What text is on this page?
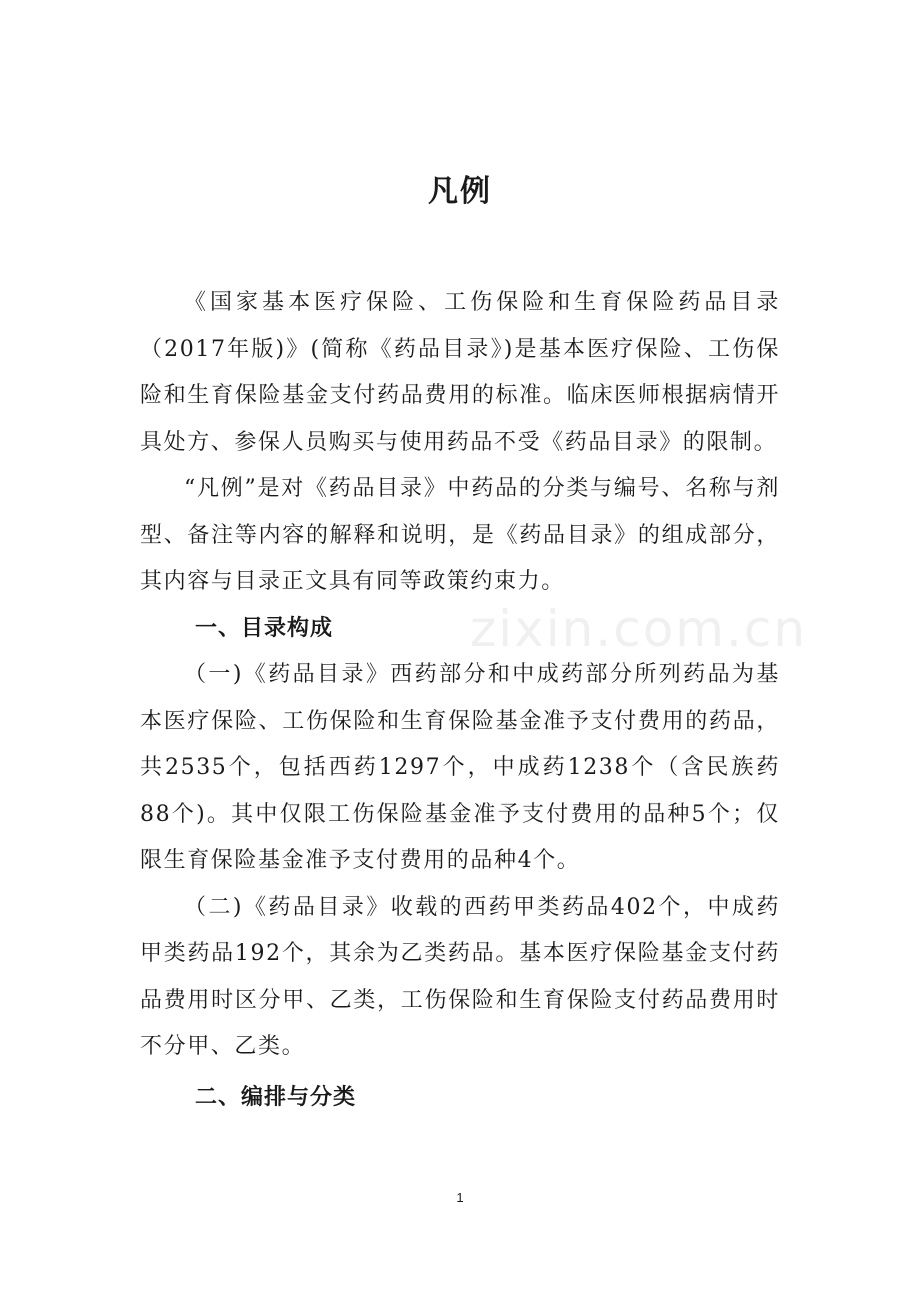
凡例

《国家基本医疗保险、工伤保险和生育保险药品目录（2017年版)》(简称《药品目录》)是基本医疗保险、工伤保险和生育保险基金支付药品费用的标准。临床医师根据病情开具处方、参保人员购买与使用药品不受《药品目录》的限制。

“凡例”是对《药品目录》中药品的分类与编号、名称与剂型、备注等内容的解释和说明，是《药品目录》的组成部分，其内容与目录正文具有同等政策约束力。

一、目录构成

（一)《药品目录》西药部分和中成药部分所列药品为基本医疗保险、工伤保险和生育保险基金准予支付费用的药品，共2535个，包括西药1297个，中成药1238个（含民族药88个)。其中仅限工伤保险基金准予支付费用的品种5个；仅限生育保险基金准予支付费用的品种4个。

（二)《药品目录》收载的西药甲类药品402个，中成药甲类药品192个，其余为乙类药品。基本医疗保险基金支付药品费用时区分甲、乙类，工伤保险和生育保险支付药品费用时不分甲、乙类。

二、编排与分类

zixin.com.cn
1
